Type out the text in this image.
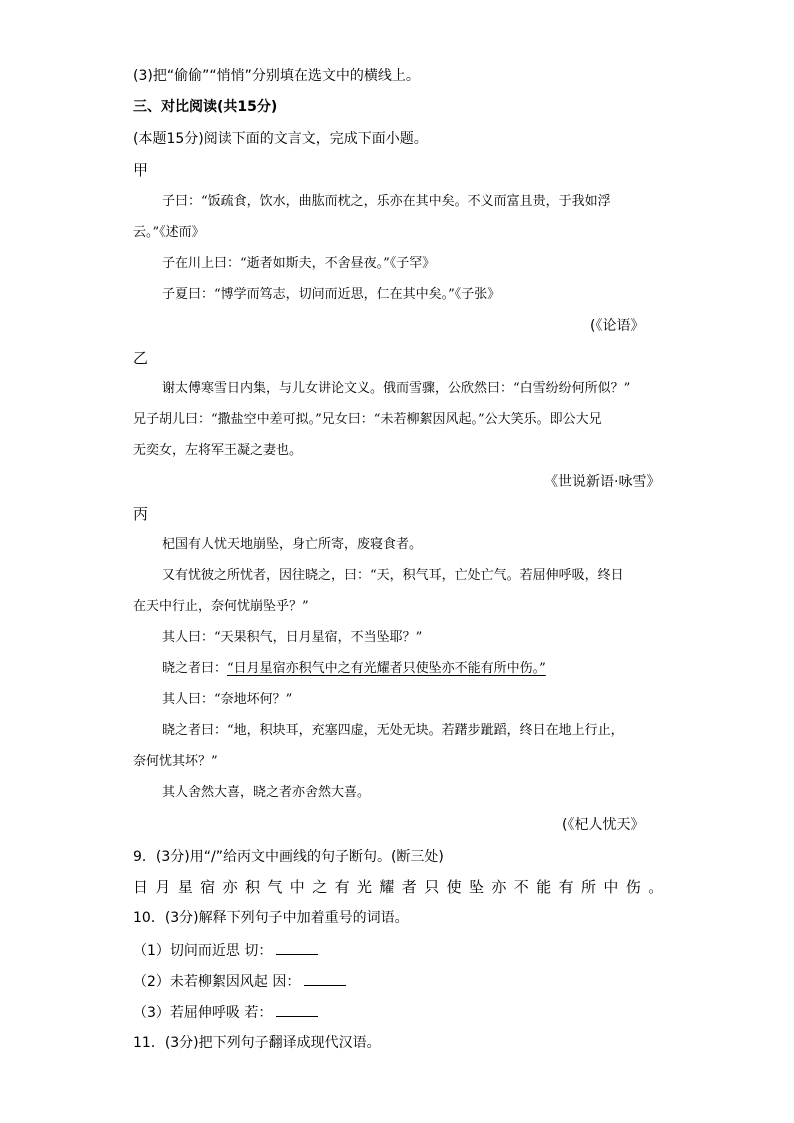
(3)把“偷偷”“悄悄”分别填在选文中的横线上。
三、对比阅读(共15分)
(本题15分)阅读下面的文言文，完成下面小题。
甲
子曰：“饭疏食，饮水，曲肱而枕之，乐亦在其中矣。不义而富且贵，于我如浮
云。”《述而》
子在川上曰：“逝者如斯夫，不舍昼夜。”《子罕》
子夏曰：“博学而笃志，切问而近思，仁在其中矣。”《子张》
(《论语》
乙
谢太傅寒雪日内集，与儿女讲论文义。俄而雪骤，公欣然曰：“白雪纷纷何所似？”
兄子胡儿曰：“撒盐空中差可拟。”兄女曰：“未若柳絮因风起。”公大笑乐。即公大兄
无奕女，左将军王凝之妻也。
《世说新语·咏雪》
丙
杞国有人忧天地崩坠，身亡所寄，废寝食者。
又有忧彼之所忧者，因往晓之，曰：“天，积气耳，亡处亡气。若屈伸呼吸，终日
在天中行止，奈何忧崩坠乎？”
其人曰：“天果积气，日月星宿，不当坠耶？”
晓之者曰：“日月星宿亦积气中之有光耀者只使坠亦不能有所中伤。”
其人曰：“奈地坏何？”
晓之者曰：“地，积块耳，充塞四虚，无处无块。若躇步跐蹈，终日在地上行止，
奈何忧其坏？”
其人舍然大喜，晓之者亦舍然大喜。
(《杞人忧天》
9．(3分)用“/”给丙文中画线的句子断句。(断三处)
日月星宿亦积气中之有光耀者只使坠亦不能有所中伤。
10．(3分)解释下列句子中加着重号的词语。
（1）切问而近思 切：
（2）未若柳絮因风起 因：
（3）若屈伸呼吸 若：
11．(3分)把下列句子翻译成现代汉语。
